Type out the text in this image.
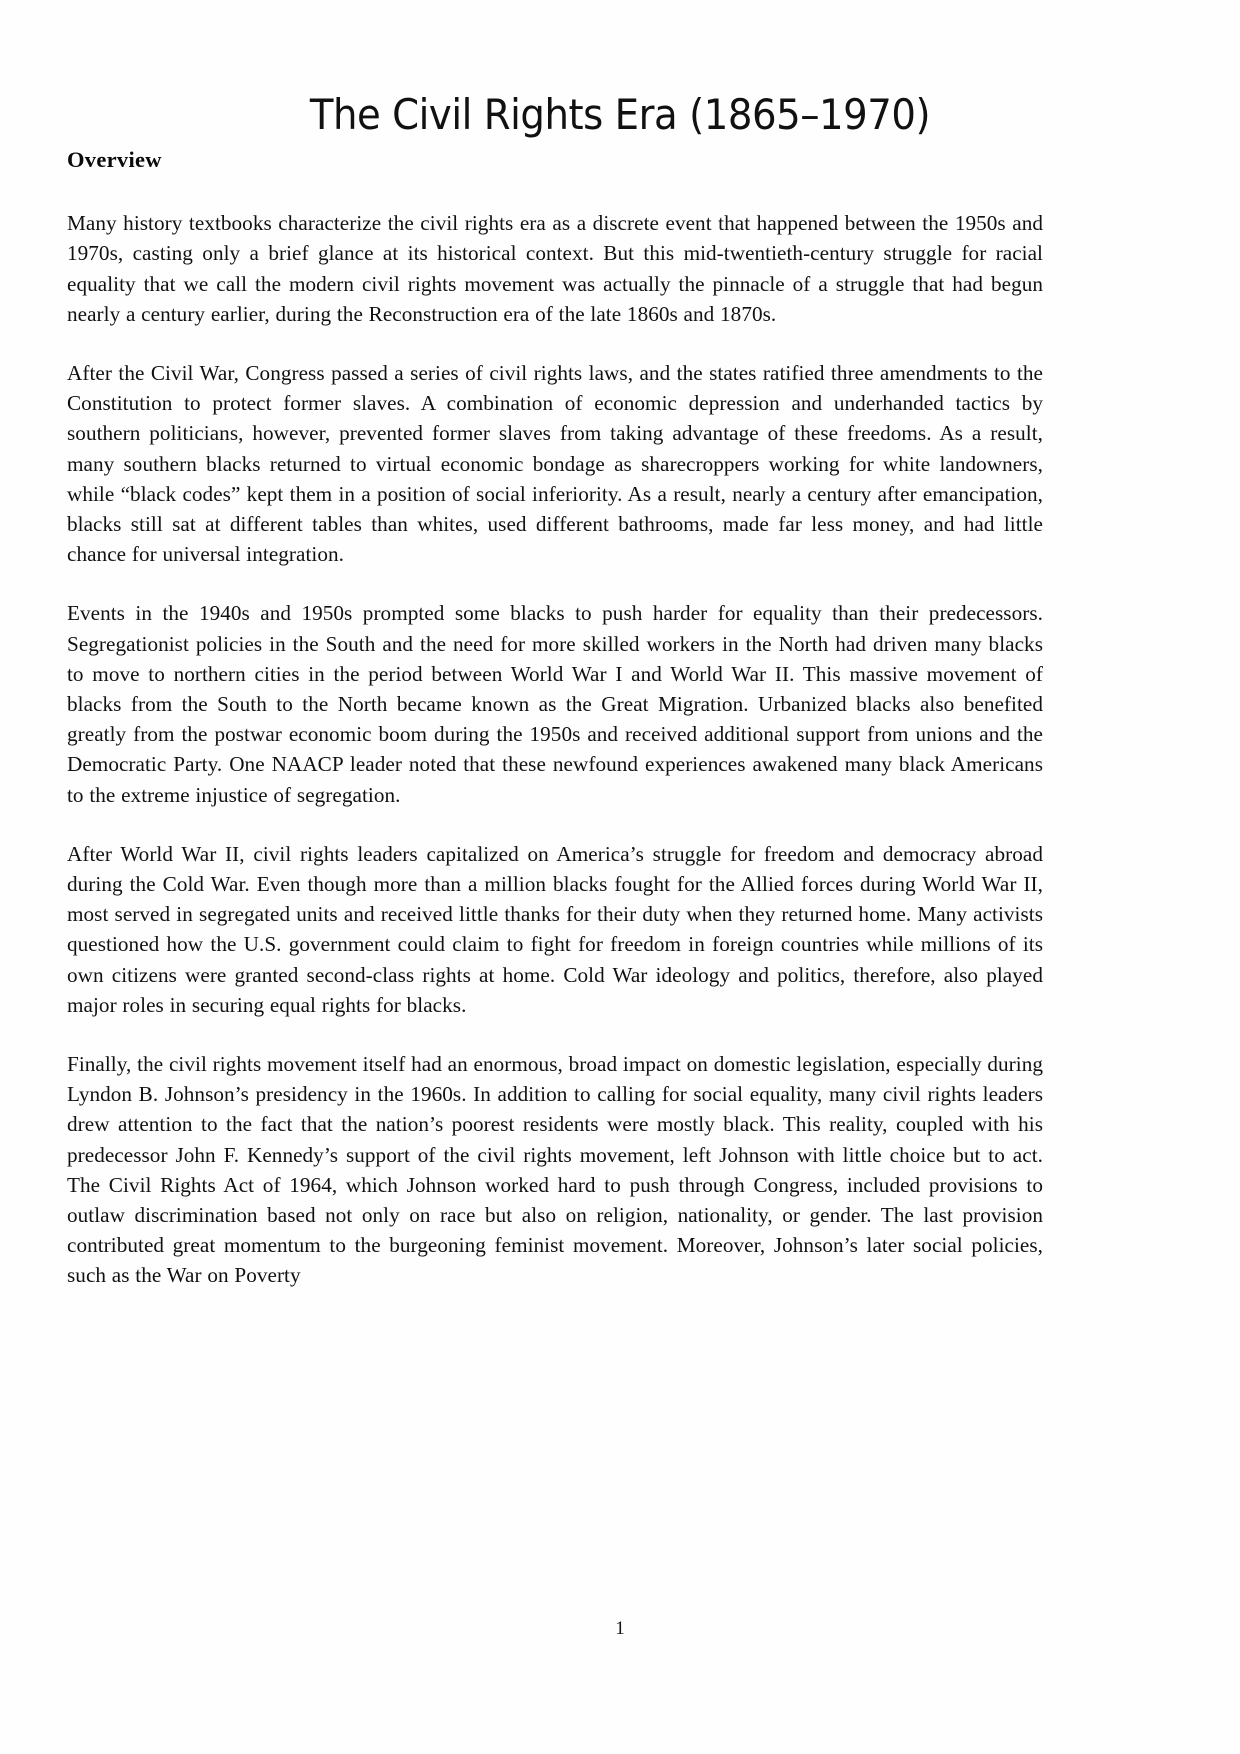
The Civil Rights Era (1865–1970)
Overview

Many history textbooks characterize the civil rights era as a discrete event that happened between the 1950s and 1970s, casting only a brief glance at its historical context. But this mid-twentieth-century struggle for racial equality that we call the modern civil rights movement was actually the pinnacle of a struggle that had begun nearly a century earlier, during the Reconstruction era of the late 1860s and 1870s.

After the Civil War, Congress passed a series of civil rights laws, and the states ratified three amendments to the Constitution to protect former slaves. A combination of economic depression and underhanded tactics by southern politicians, however, prevented former slaves from taking advantage of these freedoms. As a result, many southern blacks returned to virtual economic bondage as sharecroppers working for white landowners, while “black codes” kept them in a position of social inferiority. As a result, nearly a century after emancipation, blacks still sat at different tables than whites, used different bathrooms, made far less money, and had little chance for universal integration.

Events in the 1940s and 1950s prompted some blacks to push harder for equality than their predecessors. Segregationist policies in the South and the need for more skilled workers in the North had driven many blacks to move to northern cities in the period between World War I and World War II. This massive movement of blacks from the South to the North became known as the Great Migration. Urbanized blacks also benefited greatly from the postwar economic boom during the 1950s and received additional support from unions and the Democratic Party. One NAACP leader noted that these newfound experiences awakened many black Americans to the extreme injustice of segregation.

After World War II, civil rights leaders capitalized on America’s struggle for freedom and democracy abroad during the Cold War. Even though more than a million blacks fought for the Allied forces during World War II, most served in segregated units and received little thanks for their duty when they returned home. Many activists questioned how the U.S. government could claim to fight for freedom in foreign countries while millions of its own citizens were granted second-class rights at home. Cold War ideology and politics, therefore, also played major roles in securing equal rights for blacks.

Finally, the civil rights movement itself had an enormous, broad impact on domestic legislation, especially during Lyndon B. Johnson’s presidency in the 1960s. In addition to calling for social equality, many civil rights leaders drew attention to the fact that the nation’s poorest residents were mostly black. This reality, coupled with his predecessor John F. Kennedy’s support of the civil rights movement, left Johnson with little choice but to act. The Civil Rights Act of 1964, which Johnson worked hard to push through Congress, included provisions to outlaw discrimination based not only on race but also on religion, nationality, or gender. The last provision contributed great momentum to the burgeoning feminist movement. Moreover, Johnson’s later social policies, such as the War on Poverty

1
